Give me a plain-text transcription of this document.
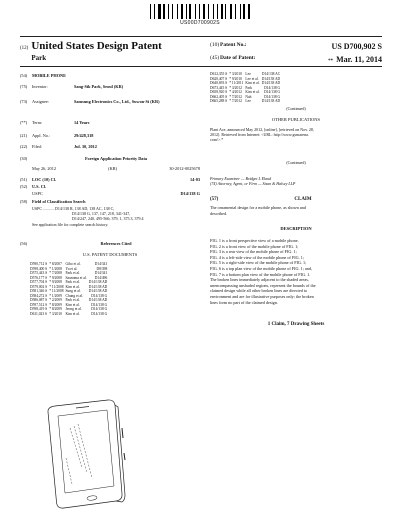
US00D700902S
(12) United States Design Patent
Park
(10) Patent No.:	US D700,902 S
(45) Date of Patent:
** Mar. 11, 2014
(54)	MOBILE PHONE
(75)	Inventor:	Sang-Sik Park, Seoul (KR)
(73)	Assignee:	Samsung Electronics Co., Ltd., Suwon-Si (KR)
(**)	Term:	14 Years
(21)	Appl. No.:	29/428,318
(22)	Filed:	Jul. 30, 2012
(30)	Foreign Application Priority Data
May 26, 2012	(KR)	30-2012-0025678
(51)	LOC (10) Cl.	14-03
(52)	U.S. Cl.
USPC	D14/138 G
(58)	Field of Classification Search
USPC ........... D14/138 R, 138 AD, 138 AC, 138 C,
D14/138 G, 137, 147, 218, 341-347,
D14/247, 240, 495-566; 379, 1, 375.3, 379.4
See application file for complete search history.
(56)	References Cited
U.S. PATENT DOCUMENTS
D590,712 S	* 8/2007	Gibo et al.	D14/341
D598,400 S	* 1/2008	Yu et al.	D8/398
D575,443 S	* 7/2008	Park et al.	D14/341
D576,177 S	* 9/2008	Saunoma et al.	D14/496
D577,704 S	* 9/2008	Park et al.	D14/138 AD
D579,002 S	* 11/2008	Kim et al.	D14/138 AD
D581,346 S	* 11/2008	Sung et al.	D14/138 AD
D584,272 S	* 1/2009	Chung et al.	D14/138 G
D586,087 S	* 2/2009	Park et al.	D14/138 AD
D597,512 S	* 8/2009	Kim et al.	D14/138 G
D598,419 S	* 8/2009	Jeong et al.	D14/138 G
D611,023 S	* 3/2010	Kim et al.	D14/138 G
D612,355 S	* 3/2010	Lee	D14/138 AC
D620,407 S	* 9/2010	Lee et al.	D14/138 AD
D640,693 S	* 11/2011	Kim et al.	D14/138 AD
D673,445 S	* 3/2012	Park	D14/138 G
D658,920 S	* 4/2012	Kim et al.	D14/138 G
D662,405 S	* 7/2012	Nah	D14/138 G
D665,288 S	* 7/2012	Lee	D14/138 AD
(Continued)
OTHER PUBLICATIONS
Plant Ace, announced May 2012, [online], [retrieved on Nov. 28,
2012]. Retrieved from Internet: <URL: http://www.gsmarena.
com/>.*
(Continued)
Primary Examiner — Bridget L Eland
(74) Attorney, Agent, or Firm — Sisan & Halsey LLP
(57)	CLAIM
The ornamental design for a mobile phone, as shown and
described.
DESCRIPTION
FIG. 1 is a front perspective view of a mobile phone.
FIG. 2 is a front view of the mobile phone of FIG. 1;
FIG. 3 is a rear view of the mobile phone of FIG. 1;
FIG. 4 is a left-side view of the mobile phone of FIG. 1;
FIG. 5 is a right-side view of the mobile phone of FIG. 1;
FIG. 6 is a top plan view of the mobile phone of FIG. 1; and,
FIG. 7 is a bottom plan view of the mobile phone of FIG. 1.
The broken lines immediately adjacent to the shaded areas,
unencompassing unshaded regions, represent the bounds of the
claimed design while all other broken lines are directed to
environment and are for illustrative purposes only; the broken
lines form no part of the claimed design.
1 Claim, 7 Drawing Sheets
